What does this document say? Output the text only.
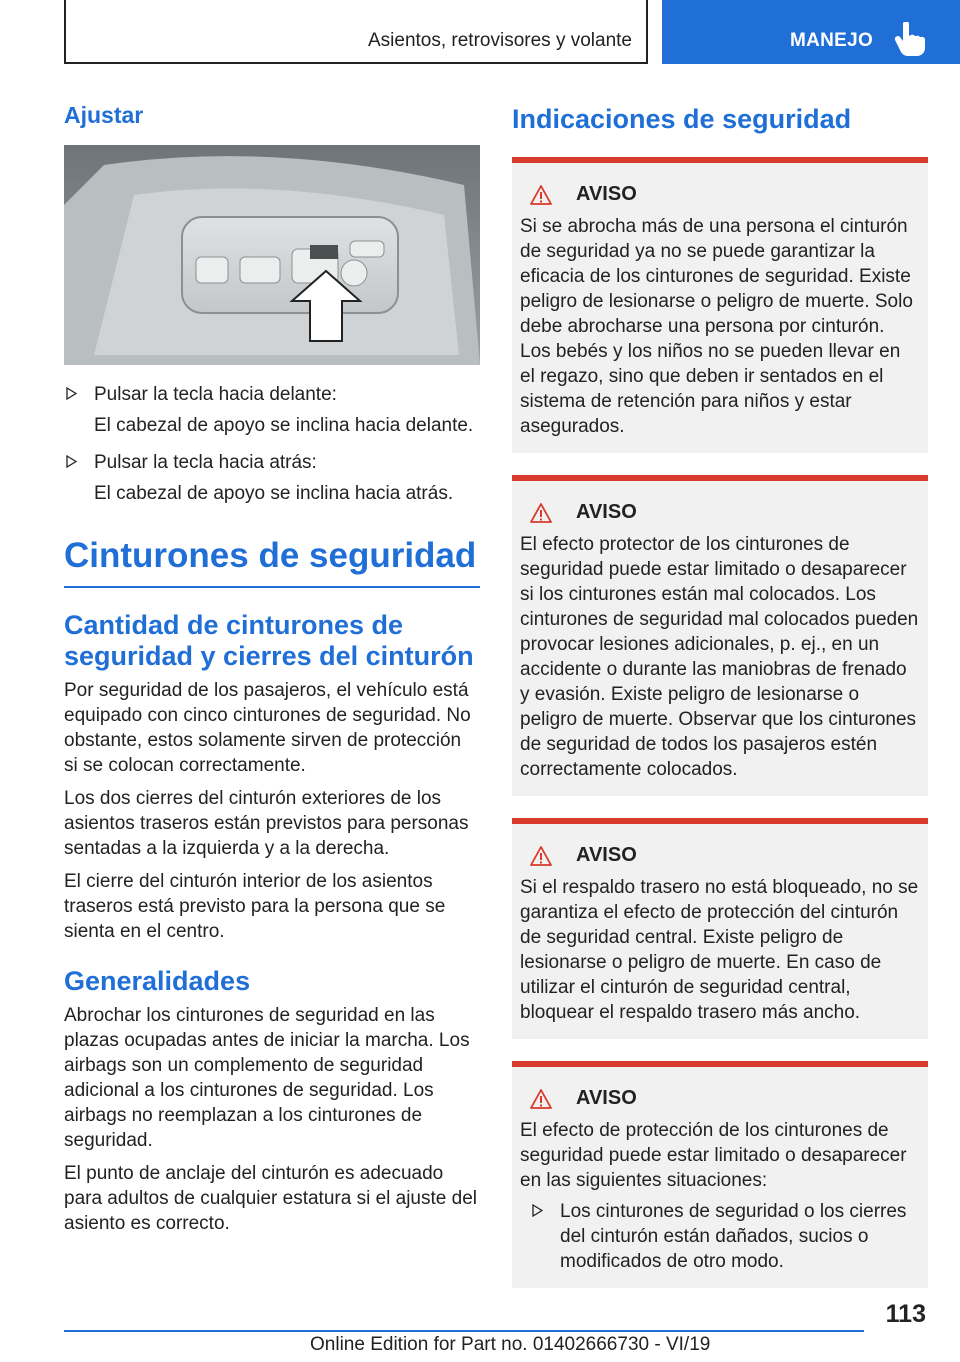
Asientos, retrovisores y volante	MANEJO
Ajustar
Pulsar la tecla hacia delante:
El cabezal de apoyo se inclina hacia delante.
Pulsar la tecla hacia atrás:
El cabezal de apoyo se inclina hacia atrás.
Cinturones de seguridad
Cantidad de cinturones de seguridad y cierres del cinturón

Por seguridad de los pasajeros, el vehículo está equipado con cinco cinturones de seguridad. No obstante, estos solamente sirven de protección si se colocan correctamente.

Los dos cierres del cinturón exteriores de los asientos traseros están previstos para personas sentadas a la izquierda y a la derecha.

El cierre del cinturón interior de los asientos traseros está previsto para la persona que se sienta en el centro.

Generalidades

Abrochar los cinturones de seguridad en las plazas ocupadas antes de iniciar la marcha. Los airbags son un complemento de seguridad adicional a los cinturones de seguridad. Los airbags no reemplazan a los cinturones de seguridad.

El punto de anclaje del cinturón es adecuado para adultos de cualquier estatura si el ajuste del asiento es correcto.

Indicaciones de seguridad
AVISO
Si se abrocha más de una persona el cinturón de seguridad ya no se puede garantizar la eficacia de los cinturones de seguridad. Existe peligro de lesionarse o peligro de muerte. Solo debe abrocharse una persona por cinturón. Los bebés y los niños no se pueden llevar en el regazo, sino que deben ir sentados en el sistema de retención para niños y estar asegurados.
AVISO
El efecto protector de los cinturones de seguridad puede estar limitado o desaparecer si los cinturones están mal colocados. Los cinturones de seguridad mal colocados pueden provocar lesiones adicionales, p. ej., en un accidente o durante las maniobras de frenado y evasión. Existe peligro de lesionarse o peligro de muerte. Observar que los cinturones de seguridad de todos los pasajeros estén correctamente colocados.
AVISO
Si el respaldo trasero no está bloqueado, no se garantiza el efecto de protección del cinturón de seguridad central. Existe peligro de lesionarse o peligro de muerte. En caso de utilizar el cinturón de seguridad central, bloquear el respaldo trasero más ancho.
AVISO
El efecto de protección de los cinturones de seguridad puede estar limitado o desaparecer en las siguientes situaciones:
Los cinturones de seguridad o los cierres del cinturón están dañados, sucios o modificados de otro modo.
113
Online Edition for Part no. 01402666730 - VI/19
